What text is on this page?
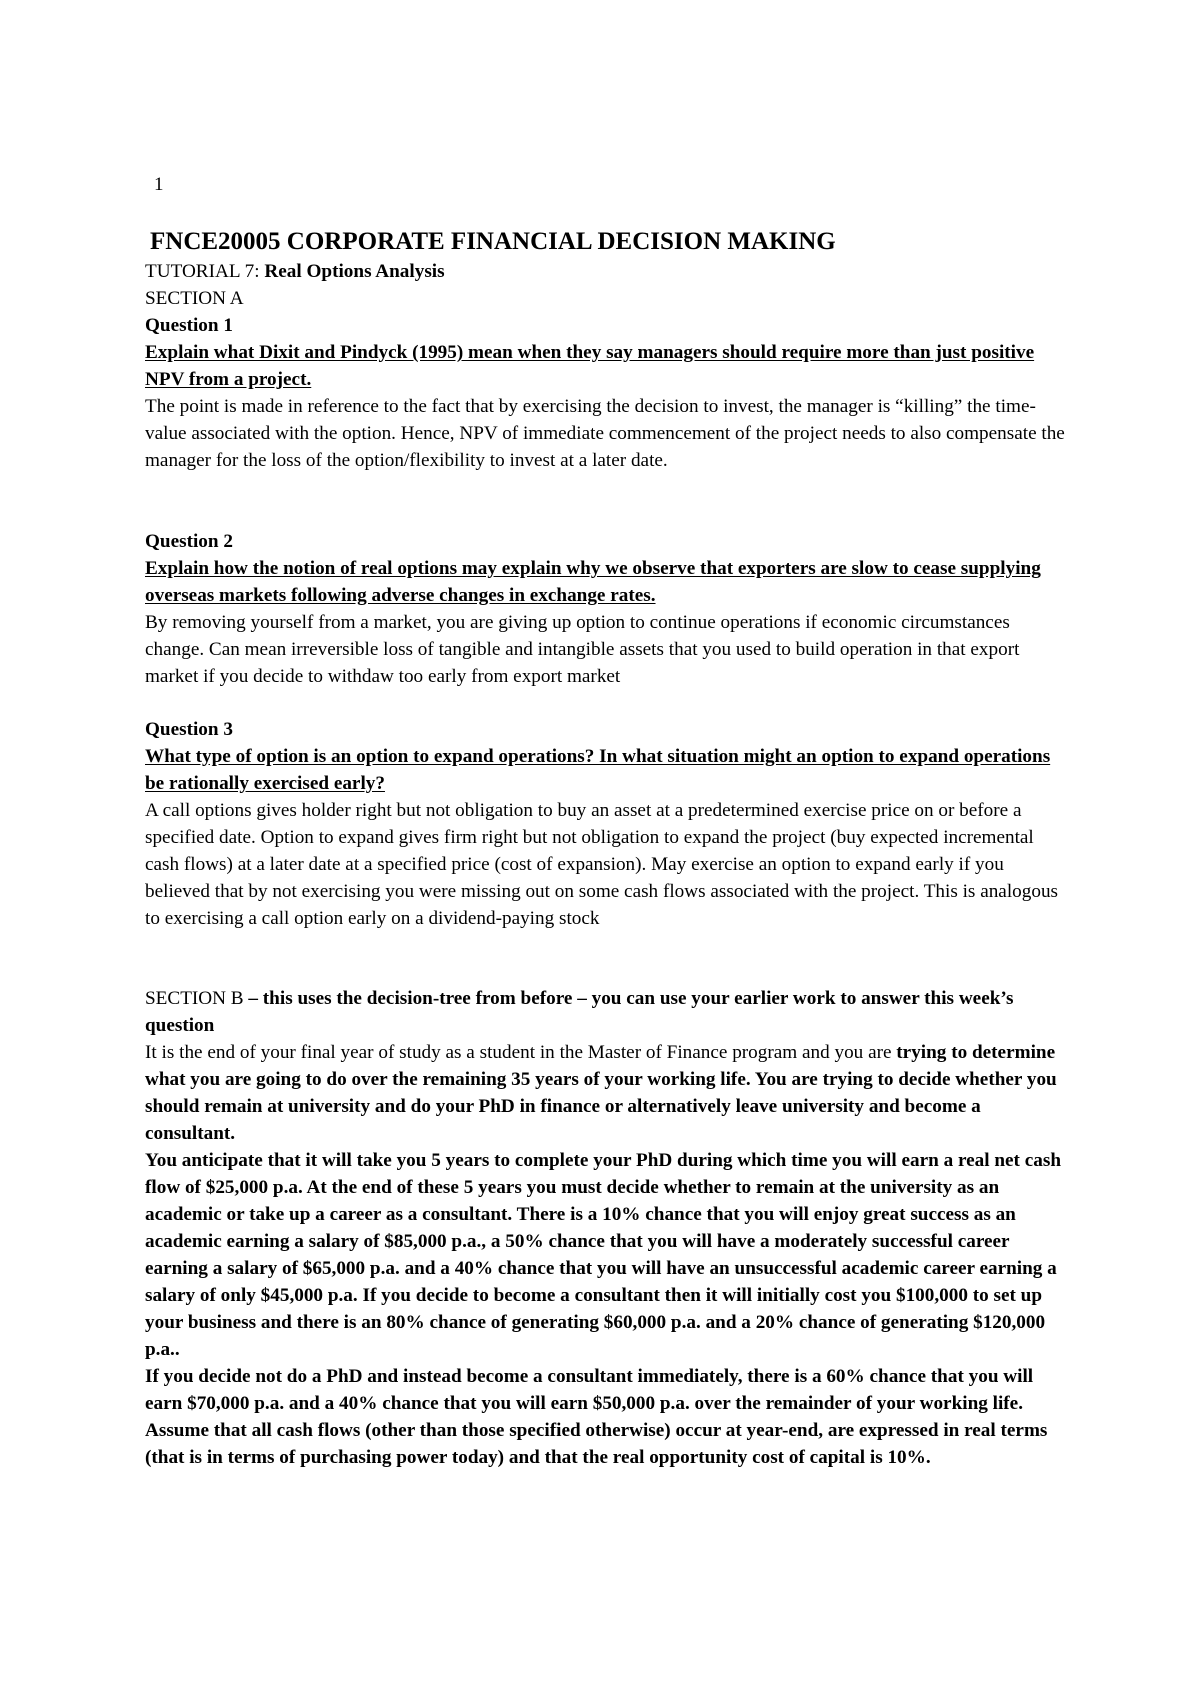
1
FNCE20005 CORPORATE FINANCIAL DECISION MAKING

TUTORIAL 7: Real Options Analysis

SECTION A

Question 1

Explain what Dixit and Pindyck (1995) mean when they say managers should require more than just positive NPV from a project.

The point is made in reference to the fact that by exercising the decision to invest, the manager is “killing” the time-value associated with the option. Hence, NPV of immediate commencement of the project needs to also compensate the manager for the loss of the option/flexibility to invest at a later date.

Question 2

Explain how the notion of real options may explain why we observe that exporters are slow to cease supplying overseas markets following adverse changes in exchange rates.

By removing yourself from a market, you are giving up option to continue operations if economic circumstances change. Can mean irreversible loss of tangible and intangible assets that you used to build operation in that export market if you decide to withdaw too early from export market

Question 3

What type of option is an option to expand operations? In what situation might an option to expand operations be rationally exercised early?

A call options gives holder right but not obligation to buy an asset at a predetermined exercise price on or before a specified date. Option to expand gives firm right but not obligation to expand the project (buy expected incremental cash flows) at a later date at a specified price (cost of expansion). May exercise an option to expand early if you believed that by not exercising you were missing out on some cash flows associated with the project. This is analogous to exercising a call option early on a dividend-paying stock

SECTION B – this uses the decision-tree from before – you can use your earlier work to answer this week’s question

It is the end of your final year of study as a student in the Master of Finance program and you are trying to determine what you are going to do over the remaining 35 years of your working life. You are trying to decide whether you should remain at university and do your PhD in finance or alternatively leave university and become a consultant.

You anticipate that it will take you 5 years to complete your PhD during which time you will earn a real net cash flow of $25,000 p.a. At the end of these 5 years you must decide whether to remain at the university as an academic or take up a career as a consultant. There is a 10% chance that you will enjoy great success as an academic earning a salary of $85,000 p.a., a 50% chance that you will have a moderately successful career earning a salary of $65,000 p.a. and a 40% chance that you will have an unsuccessful academic career earning a salary of only $45,000 p.a. If you decide to become a consultant then it will initially cost you $100,000 to set up your business and there is an 80% chance of generating $60,000 p.a. and a 20% chance of generating $120,000 p.a..

If you decide not do a PhD and instead become a consultant immediately, there is a 60% chance that you will earn $70,000 p.a. and a 40% chance that you will earn $50,000 p.a. over the remainder of your working life.

Assume that all cash flows (other than those specified otherwise) occur at year-end, are expressed in real terms (that is in terms of purchasing power today) and that the real opportunity cost of capital is 10%.
